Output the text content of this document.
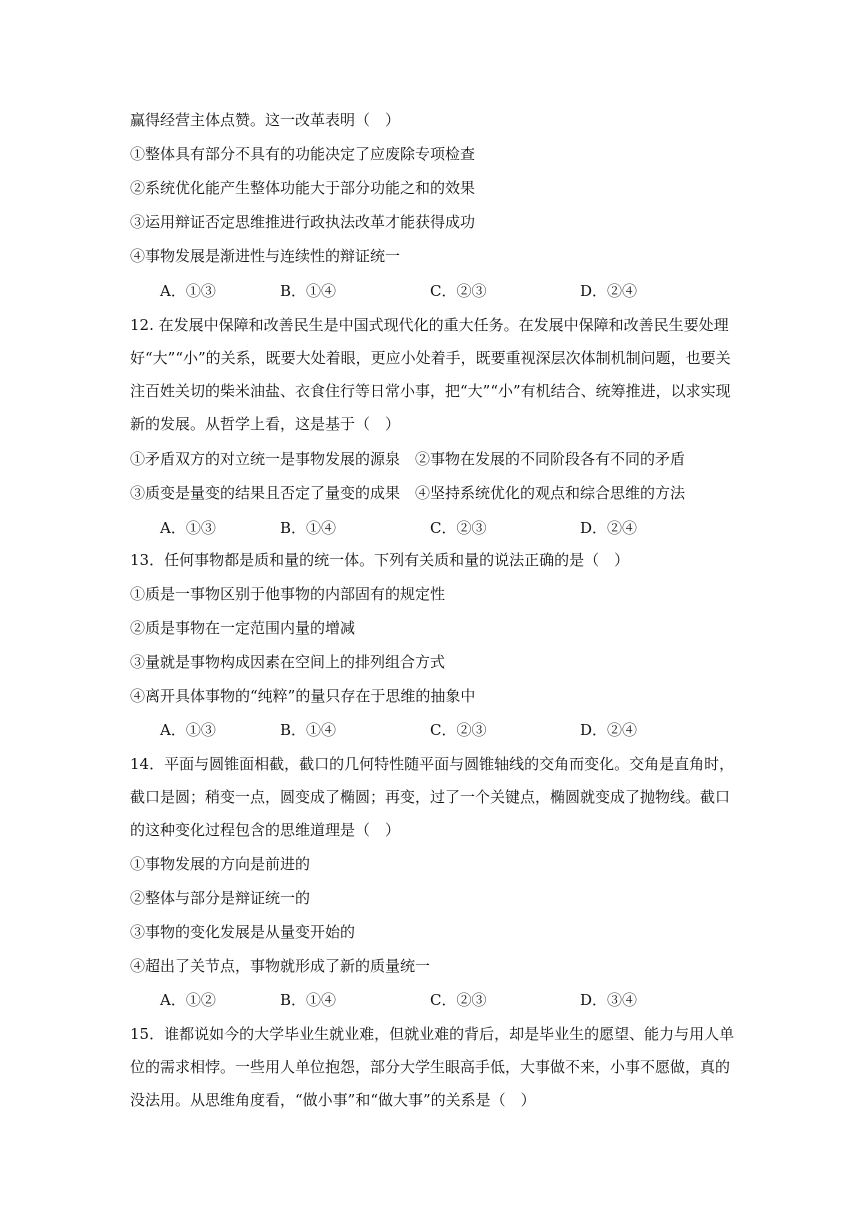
赢得经营主体点赞。这一改革表明（　）
①整体具有部分不具有的功能决定了应废除专项检查
②系统优化能产生整体功能大于部分功能之和的效果
③运用辩证否定思维推进行政执法改革才能获得成功
④事物发展是渐进性与连续性的辩证统一
A．①③	B．①④	C．②③	D．②④
12. 在发展中保障和改善民生是中国式现代化的重大任务。在发展中保障和改善民生要处理
好“大”“小”的关系，既要大处着眼，更应小处着手，既要重视深层次体制机制问题，也要关
注百姓关切的柴米油盐、衣食住行等日常小事，把“大”“小”有机结合、统筹推进，以求实现
新的发展。从哲学上看，这是基于（　）
①矛盾双方的对立统一是事物发展的源泉　②事物在发展的不同阶段各有不同的矛盾
③质变是量变的结果且否定了量变的成果　④坚持系统优化的观点和综合思维的方法
A．①③	B．①④	C．②③	D．②④
13．任何事物都是质和量的统一体。下列有关质和量的说法正确的是（　）
①质是一事物区别于他事物的内部固有的规定性
②质是事物在一定范围内量的增减
③量就是事物构成因素在空间上的排列组合方式
④离开具体事物的“纯粹”的量只存在于思维的抽象中
A．①③	B．①④	C．②③	D．②④
14．平面与圆锥面相截，截口的几何特性随平面与圆锥轴线的交角而变化。交角是直角时，
截口是圆；稍变一点，圆变成了椭圆；再变，过了一个关键点，椭圆就变成了抛物线。截口
的这种变化过程包含的思维道理是（　）
①事物发展的方向是前进的
②整体与部分是辩证统一的
③事物的变化发展是从量变开始的
④超出了关节点，事物就形成了新的质量统一
A．①②	B．①④	C．②③	D．③④
15．谁都说如今的大学毕业生就业难，但就业难的背后，却是毕业生的愿望、能力与用人单
位的需求相悖。一些用人单位抱怨，部分大学生眼高手低，大事做不来，小事不愿做，真的
没法用。从思维角度看，“做小事”和“做大事”的关系是（　）
